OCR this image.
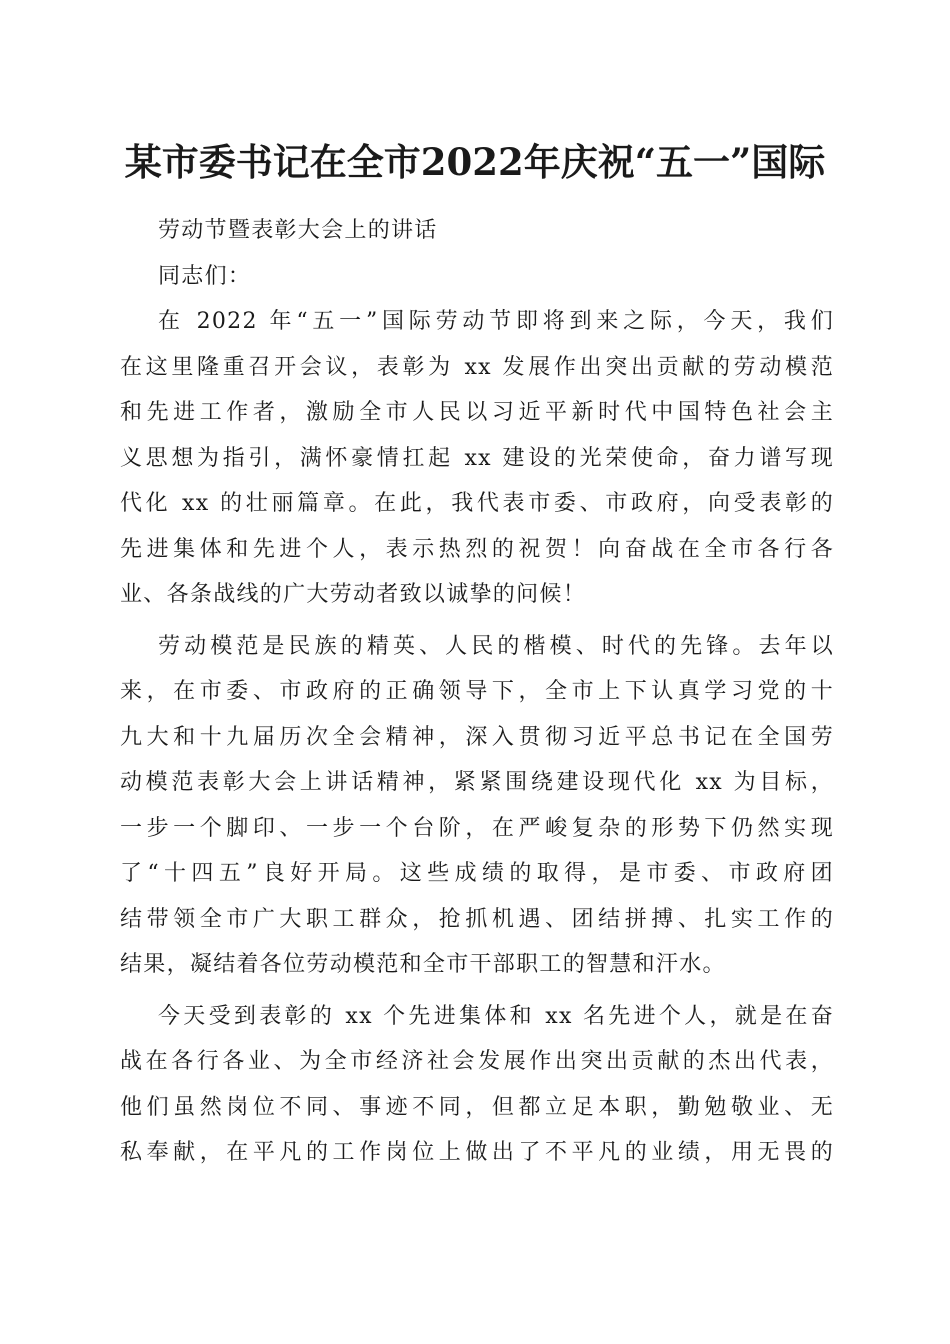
某市委书记在全市2022年庆祝“五一”国际
劳动节暨表彰大会上的讲话
同志们：
在 2022 年“五一”国际劳动节即将到来之际，今天，我们
在这里隆重召开会议，表彰为 xx 发展作出突出贡献的劳动模范
和先进工作者，激励全市人民以习近平新时代中国特色社会主
义思想为指引，满怀豪情扛起 xx 建设的光荣使命，奋力谱写现
代化 xx 的壮丽篇章。在此，我代表市委、市政府，向受表彰的
先进集体和先进个人，表示热烈的祝贺！向奋战在全市各行各
业、各条战线的广大劳动者致以诚挚的问候！
劳动模范是民族的精英、人民的楷模、时代的先锋。去年以
来，在市委、市政府的正确领导下，全市上下认真学习党的十
九大和十九届历次全会精神，深入贯彻习近平总书记在全国劳
动模范表彰大会上讲话精神，紧紧围绕建设现代化 xx 为目标，
一步一个脚印、一步一个台阶，在严峻复杂的形势下仍然实现
了“十四五”良好开局。这些成绩的取得，是市委、市政府团
结带领全市广大职工群众，抢抓机遇、团结拼搏、扎实工作的
结果，凝结着各位劳动模范和全市干部职工的智慧和汗水。
今天受到表彰的 xx 个先进集体和 xx 名先进个人，就是在奋
战在各行各业、为全市经济社会发展作出突出贡献的杰出代表，
他们虽然岗位不同、事迹不同，但都立足本职，勤勉敬业、无
私奉献，在平凡的工作岗位上做出了不平凡的业绩，用无畏的
